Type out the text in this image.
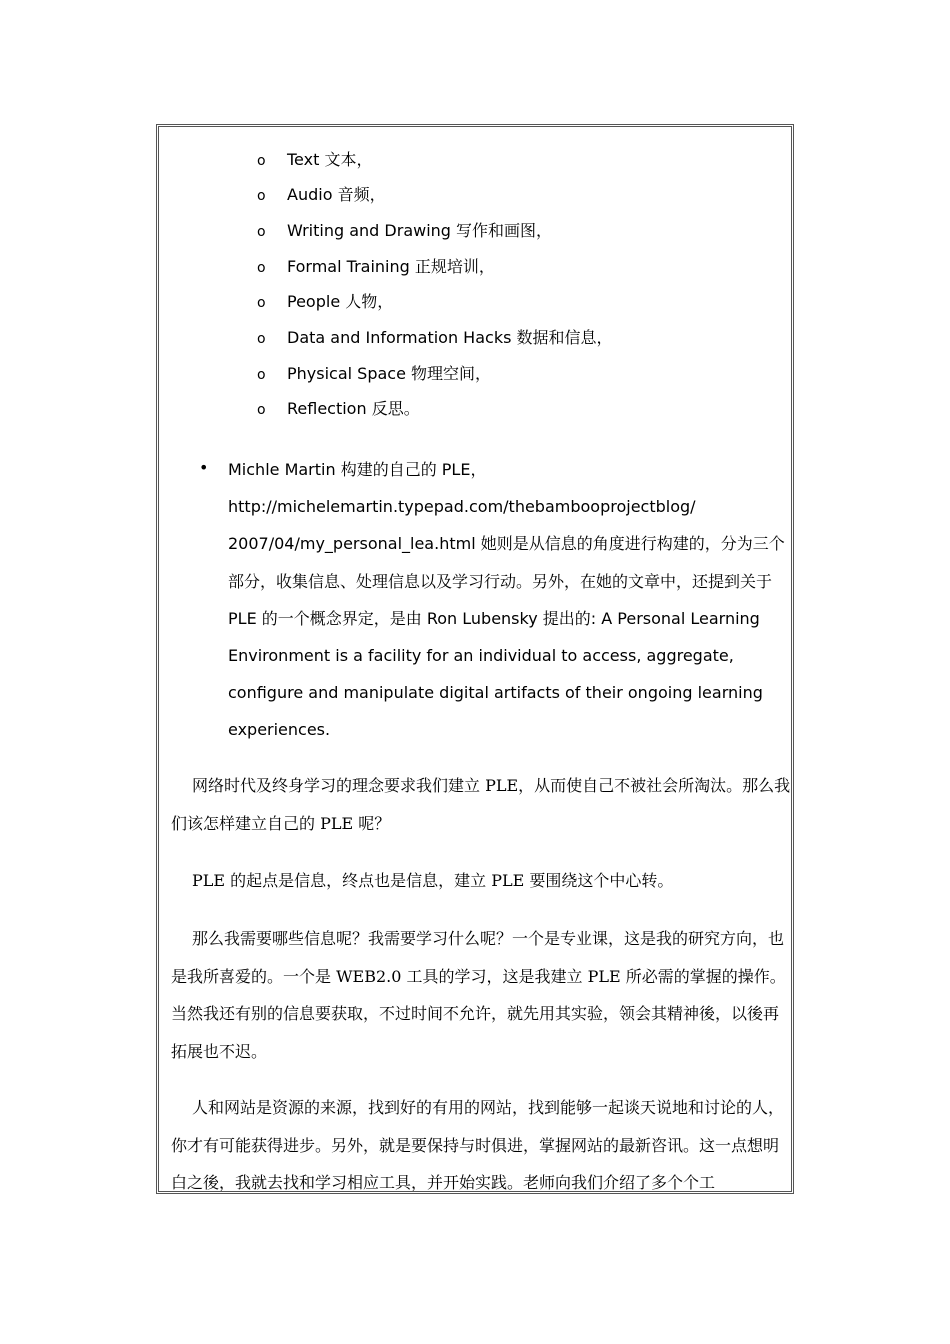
o Text 文本，
o Audio 音频，
o Writing and Drawing 写作和画图，
o Formal Training 正规培训，
o People 人物，
o Data and Information Hacks 数据和信息，
o Physical Space 物理空间，
o Reflection 反思。
• Michle Martin 构建的自己的 PLE，http://michelemartin.typepad.com/thebambooprojectblog/ 2007/04/my_personal_lea.html 她则是从信息的角度进行构建的，分为三个部分，收集信息、处理信息以及学习行动。另外，在她的文章中，还提到关于 PLE 的一个概念界定，是由 Ron Lubensky 提出的: A Personal Learning Environment is a facility for an individual to access, aggregate, configure and manipulate digital artifacts of their ongoing learning experiences.

网络时代及终身学习的理念要求我们建立 PLE，从而使自己不被社会所淘汰。那么我们该怎样建立自己的 PLE 呢？

PLE 的起点是信息，终点也是信息，建立 PLE 要围绕这个中心转。

那么我需要哪些信息呢？我需要学习什么呢？一个是专业课，这是我的研究方向，也是我所喜爱的。一个是 WEB2.0 工具的学习，这是我建立 PLE 所必需的掌握的操作。当然我还有别的信息要获取，不过时间不允许，就先用其实验，领会其精神後，以後再拓展也不迟。

人和网站是资源的来源，找到好的有用的网站，找到能够一起谈天说地和讨论的人，你才有可能获得进步。另外，就是要保持与时俱进，掌握网站的最新咨讯。这一点想明白之後，我就去找和学习相应工具，并开始实践。老师向我们介绍了多个个工
